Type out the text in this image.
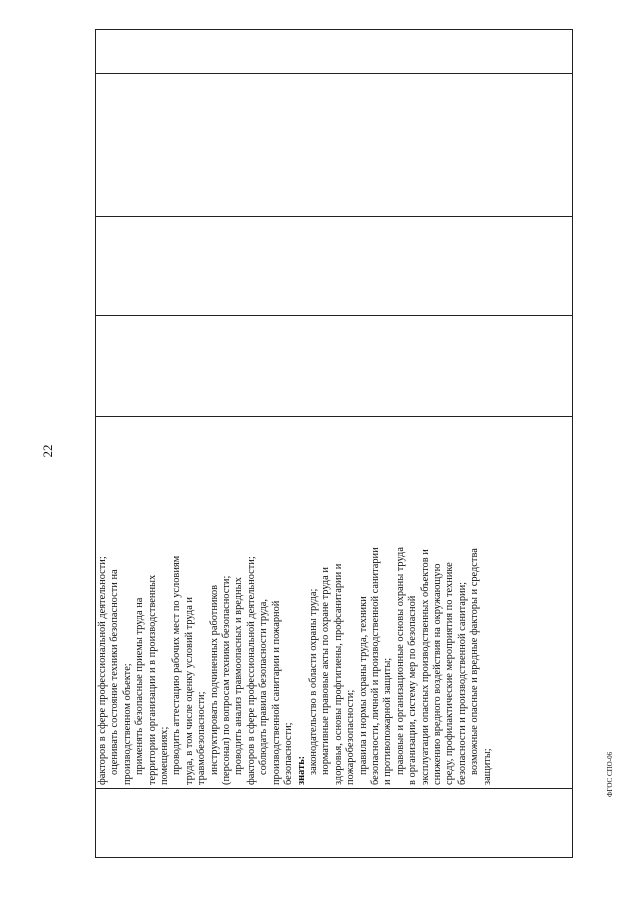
22

факторов в сфере профессиональной деятельности; оценивать состояние техники безопасности на производственном объекте; применять безопасные приемы труда на территории организации и в производственных помещениях; проводить аттестацию рабочих мест по условиям труда, в том числе оценку условий труда и травмобезопасности; инструктировать подчиненных работников (персонал) по вопросам техники безопасности; проводить анализ травмоопасных и вредных факторов в сфере профессиональной деятельности; соблюдать правила безопасности труда, производственной санитарии и пожарной безопасности; знать: законодательство в области охраны труда; нормативные правовые акты по охране труда и здоровья, основы профгигиены, профсанитарии и пожаробезопасности; правила и нормы охраны труда, техники безопасности, личной и производственной санитарии и противопожарной защиты; правовые и организационные основы охраны труда в организации, систему мер по безопасной эксплуатации опасных производственных объектов и снижению вредного воздействия на окружающую среду, профилактические мероприятия по технике безопасности и производственной санитарии; возможные опасные и вредные факторы и средства защиты;
					ФГОС СПО-06
